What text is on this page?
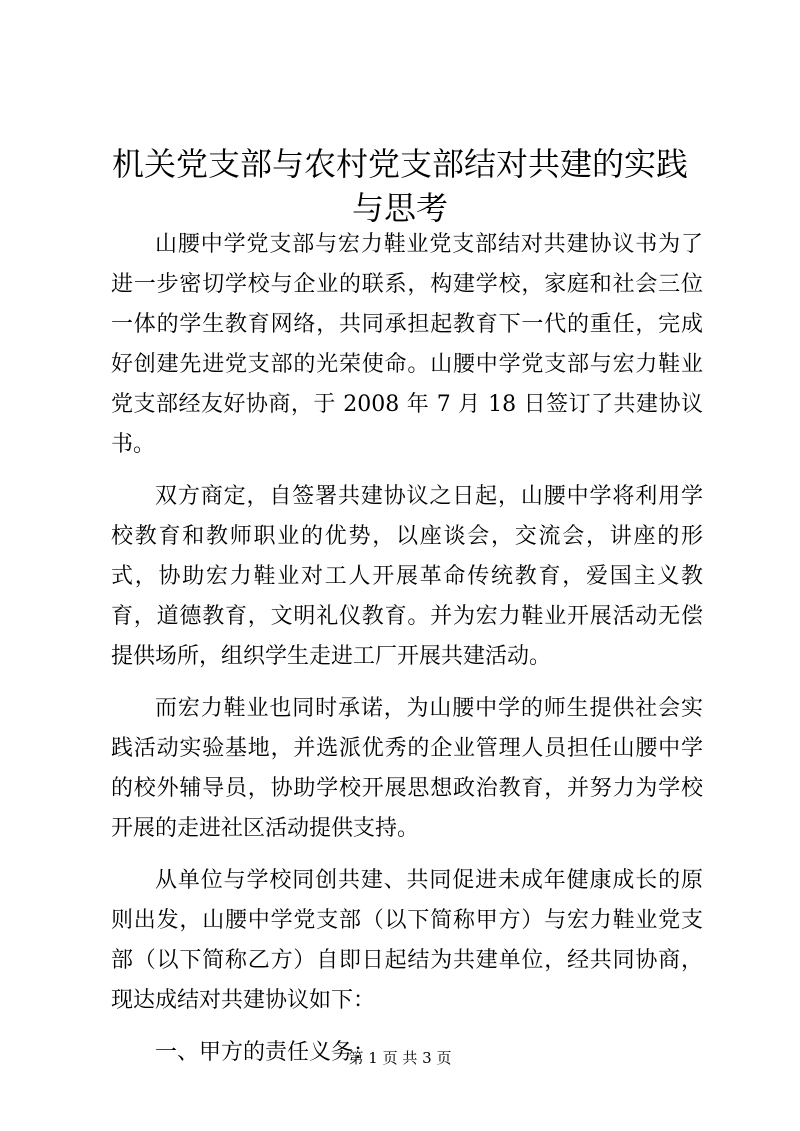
机关党支部与农村党支部结对共建的实践与思考

山腰中学党支部与宏力鞋业党支部结对共建协议书为了进一步密切学校与企业的联系，构建学校，家庭和社会三位一体的学生教育网络，共同承担起教育下一代的重任，完成好创建先进党支部的光荣使命。山腰中学党支部与宏力鞋业党支部经友好协商，于 2008 年 7 月 18 日签订了共建协议书。

双方商定，自签署共建协议之日起，山腰中学将利用学校教育和教师职业的优势，以座谈会，交流会，讲座的形式，协助宏力鞋业对工人开展革命传统教育，爱国主义教育，道德教育，文明礼仪教育。并为宏力鞋业开展活动无偿提供场所，组织学生走进工厂开展共建活动。

而宏力鞋业也同时承诺，为山腰中学的师生提供社会实践活动实验基地，并选派优秀的企业管理人员担任山腰中学的校外辅导员，协助学校开展思想政治教育，并努力为学校开展的走进社区活动提供支持。

从单位与学校同创共建、共同促进未成年健康成长的原则出发，山腰中学党支部（以下简称甲方）与宏力鞋业党支部（以下简称乙方）自即日起结为共建单位，经共同协商，现达成结对共建协议如下：

一、甲方的责任义务：

第 1 页 共 3 页
